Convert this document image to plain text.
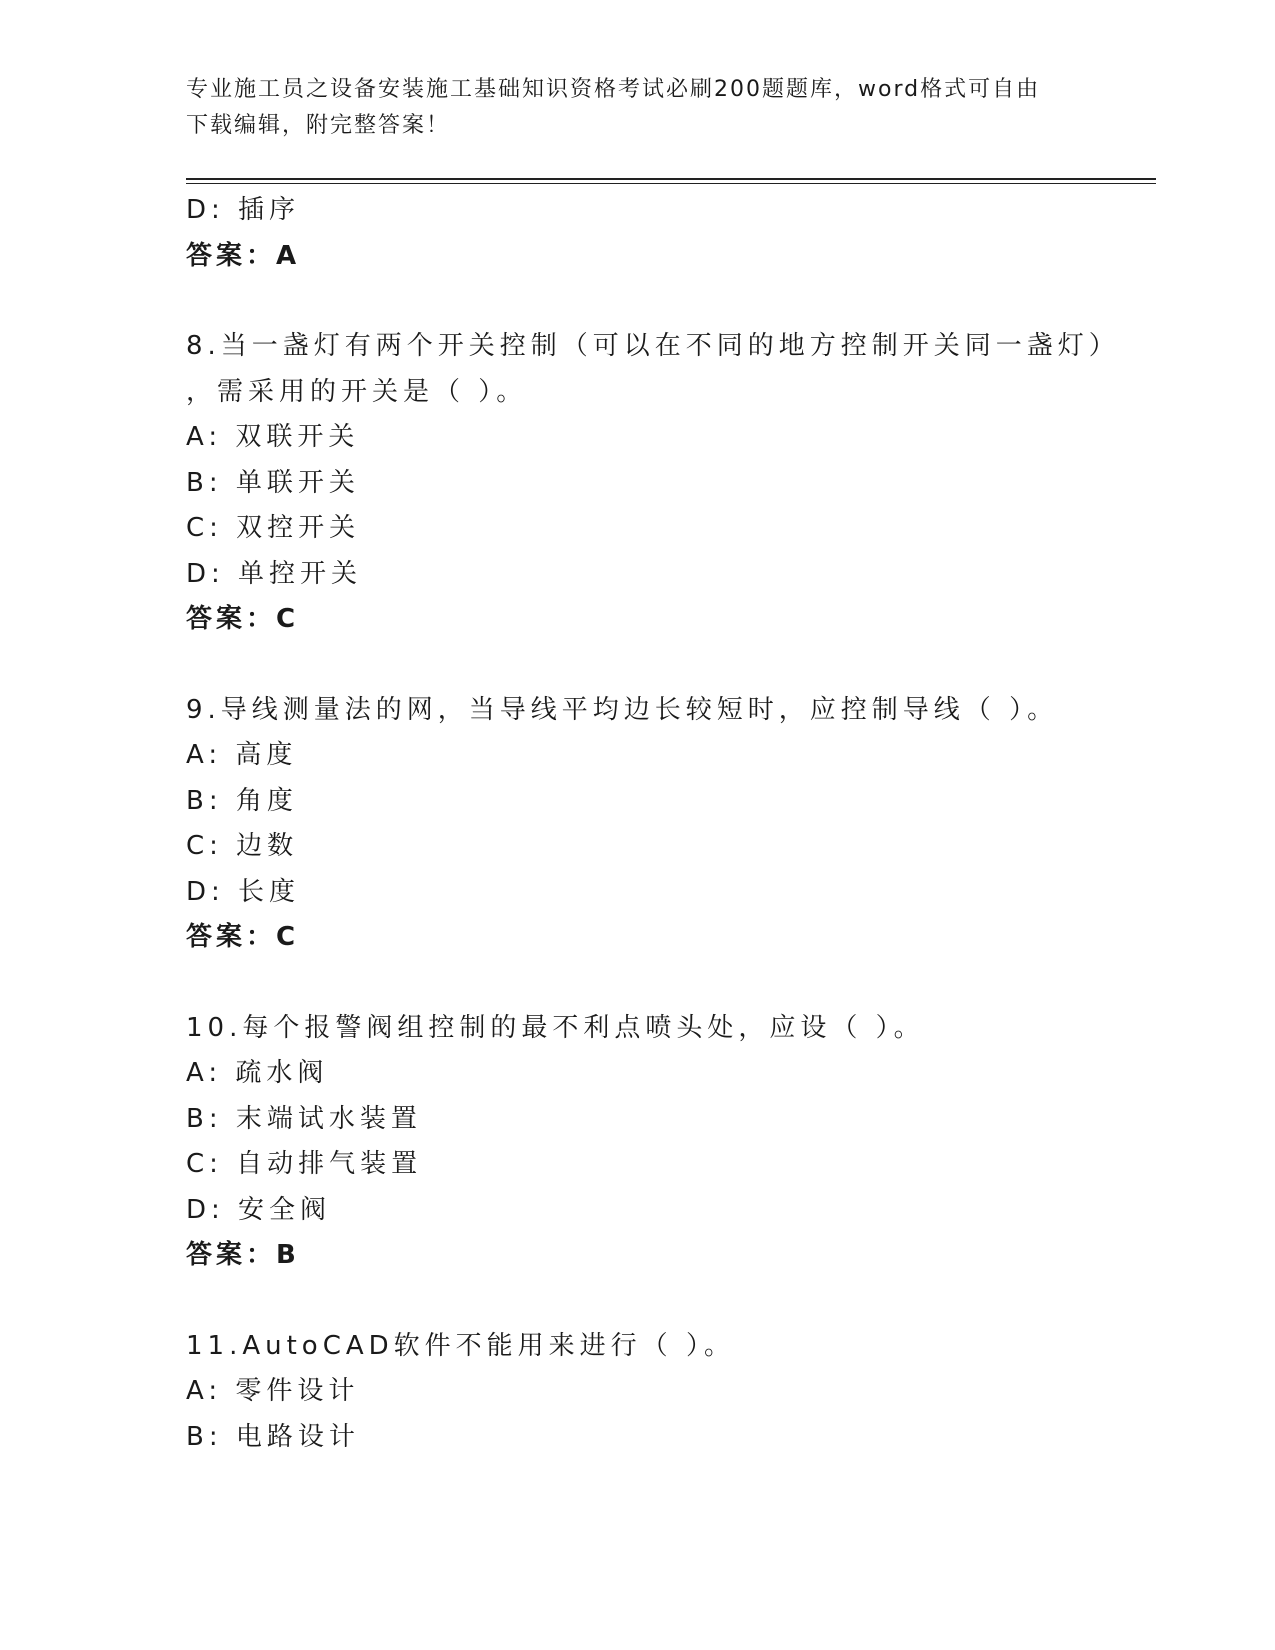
专业施工员之设备安装施工基础知识资格考试必刷200题题库，word格式可自由
下载编辑，附完整答案！
D: 插序
答案：A
8.当一盏灯有两个开关控制（可以在不同的地方控制开关同一盏灯）
，需采用的开关是（ ）。
A: 双联开关
B: 单联开关
C: 双控开关
D: 单控开关
答案：C
9.导线测量法的网，当导线平均边长较短时，应控制导线（ ）。
A: 高度
B: 角度
C: 边数
D: 长度
答案：C
10.每个报警阀组控制的最不利点喷头处，应设（ ）。
A: 疏水阀
B: 末端试水装置
C: 自动排气装置
D: 安全阀
答案：B
11.AutoCAD软件不能用来进行（ ）。
A: 零件设计
B: 电路设计
